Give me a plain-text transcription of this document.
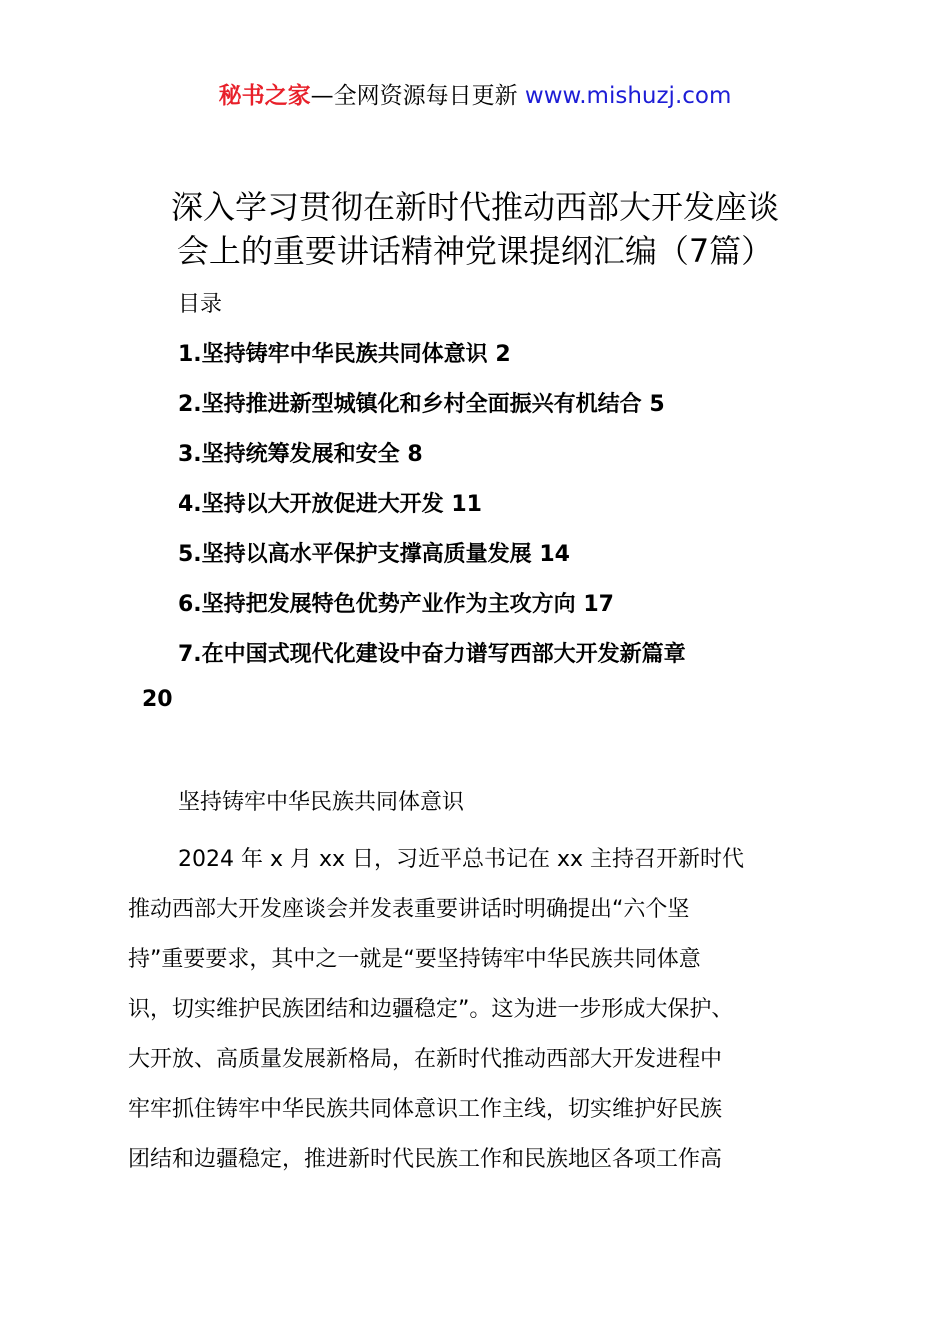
秘书之家—全网资源每日更新 www.mishuzj.com
深入学习贯彻在新时代推动西部大开发座谈
会上的重要讲话精神党课提纲汇编（7篇）
目录
1.坚持铸牢中华民族共同体意识 2
2.坚持推进新型城镇化和乡村全面振兴有机结合 5
3.坚持统筹发展和安全 8
4.坚持以大开放促进大开发 11
5.坚持以高水平保护支撑高质量发展 14
6.坚持把发展特色优势产业作为主攻方向 17
7.在中国式现代化建设中奋力谱写西部大开发新篇章
20
坚持铸牢中华民族共同体意识
2024 年 x 月 xx 日，习近平总书记在 xx 主持召开新时代
推动西部大开发座谈会并发表重要讲话时明确提出“六个坚
持”重要要求，其中之一就是“要坚持铸牢中华民族共同体意
识，切实维护民族团结和边疆稳定”。这为进一步形成大保护、
大开放、高质量发展新格局，在新时代推动西部大开发进程中
牢牢抓住铸牢中华民族共同体意识工作主线，切实维护好民族
团结和边疆稳定，推进新时代民族工作和民族地区各项工作高
